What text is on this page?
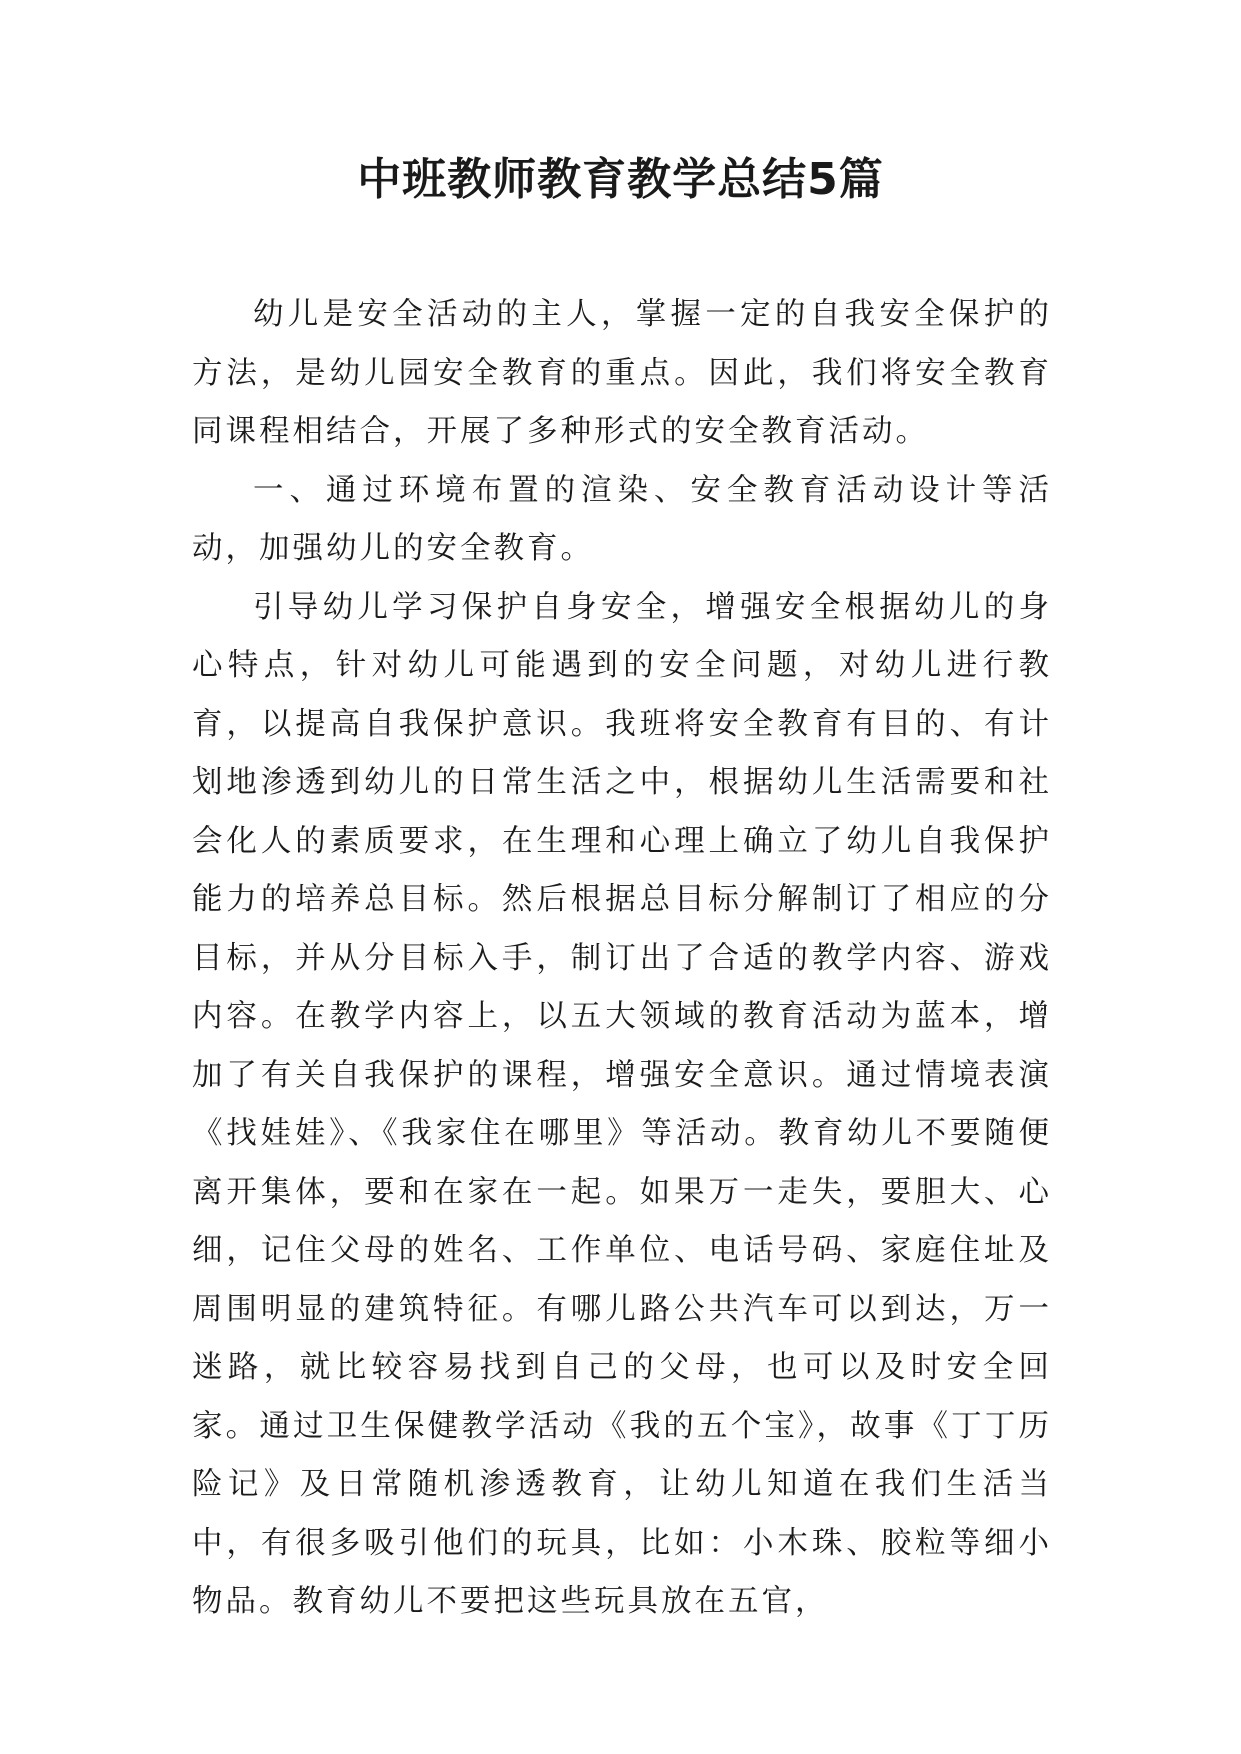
中班教师教育教学总结5篇

幼儿是安全活动的主人，掌握一定的自我安全保护的方法，是幼儿园安全教育的重点。因此，我们将安全教育同课程相结合，开展了多种形式的安全教育活动。

一、通过环境布置的渲染、安全教育活动设计等活动，加强幼儿的安全教育。

引导幼儿学习保护自身安全，增强安全根据幼儿的身心特点，针对幼儿可能遇到的安全问题，对幼儿进行教育，以提高自我保护意识。我班将安全教育有目的、有计划地渗透到幼儿的日常生活之中，根据幼儿生活需要和社会化人的素质要求，在生理和心理上确立了幼儿自我保护能力的培养总目标。然后根据总目标分解制订了相应的分目标，并从分目标入手，制订出了合适的教学内容、游戏内容。在教学内容上，以五大领域的教育活动为蓝本，增加了有关自我保护的课程，增强安全意识。通过情境表演《找娃娃》、《我家住在哪里》等活动。教育幼儿不要随便离开集体，要和在家在一起。如果万一走失，要胆大、心细，记住父母的姓名、工作单位、电话号码、家庭住址及周围明显的建筑特征。有哪儿路公共汽车可以到达，万一迷路，就比较容易找到自己的父母，也可以及时安全回家。通过卫生保健教学活动《我的五个宝》，故事《丁丁历险记》及日常随机渗透教育，让幼儿知道在我们生活当中，有很多吸引他们的玩具，比如：小木珠、胶粒等细小物品。教育幼儿不要把这些玩具放在五官，
